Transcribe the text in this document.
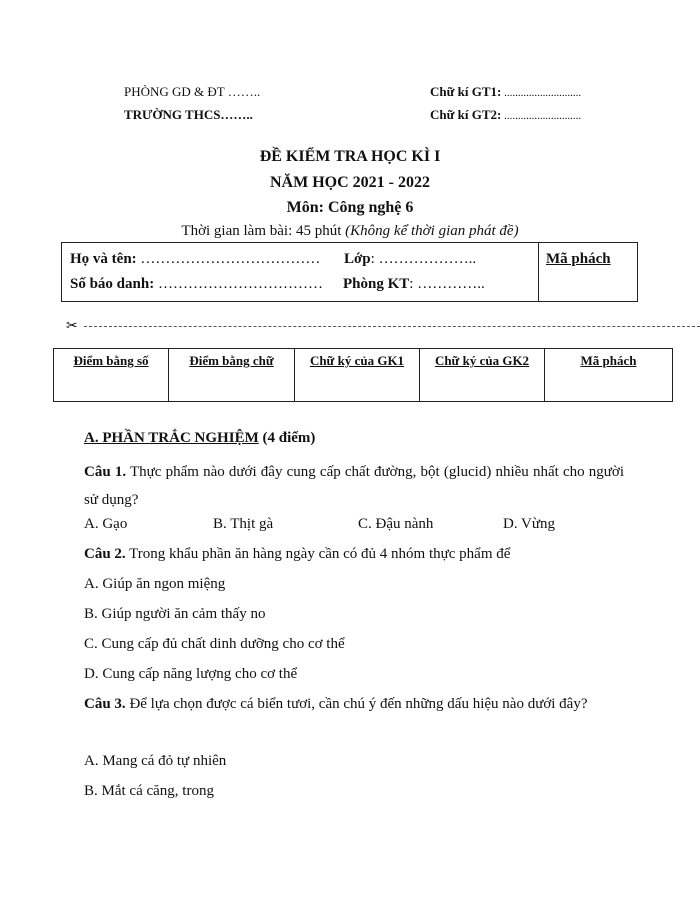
PHÒNG GD & ĐT ……..
TRƯỜNG THCS……..
Chữ kí GT1: ............................
Chữ kí GT2: ............................
ĐỀ KIỂM TRA HỌC KÌ I
NĂM HỌC 2021 - 2022
Môn: Công nghệ 6
Thời gian làm bài: 45 phút (Không kể thời gian phát đề)
Họ và tên: ……………………………… Lớp: ………………..
Số báo danh: …………………………… Phòng KT: …………..
Mã phách
✂
Điểm bằng số	Điểm bằng chữ	Chữ ký của GK1	Chữ ký của GK2	Mã phách
A. PHẦN TRẮC NGHIỆM (4 điểm)
Câu 1. Thực phẩm nào dưới đây cung cấp chất đường, bột (glucid) nhiều nhất cho người sử dụng?
A. Gạo	B. Thịt gà	C. Đậu nành	D. Vừng
Câu 2. Trong khẩu phần ăn hàng ngày cần có đủ 4 nhóm thực phẩm để
A. Giúp ăn ngon miệng
B. Giúp người ăn cảm thấy no
C. Cung cấp đủ chất dinh dưỡng cho cơ thể
D. Cung cấp năng lượng cho cơ thể
Câu 3. Để lựa chọn được cá biển tươi, cần chú ý đến những dấu hiệu nào dưới đây?
A. Mang cá đỏ tự nhiên
B. Mắt cá căng, trong
